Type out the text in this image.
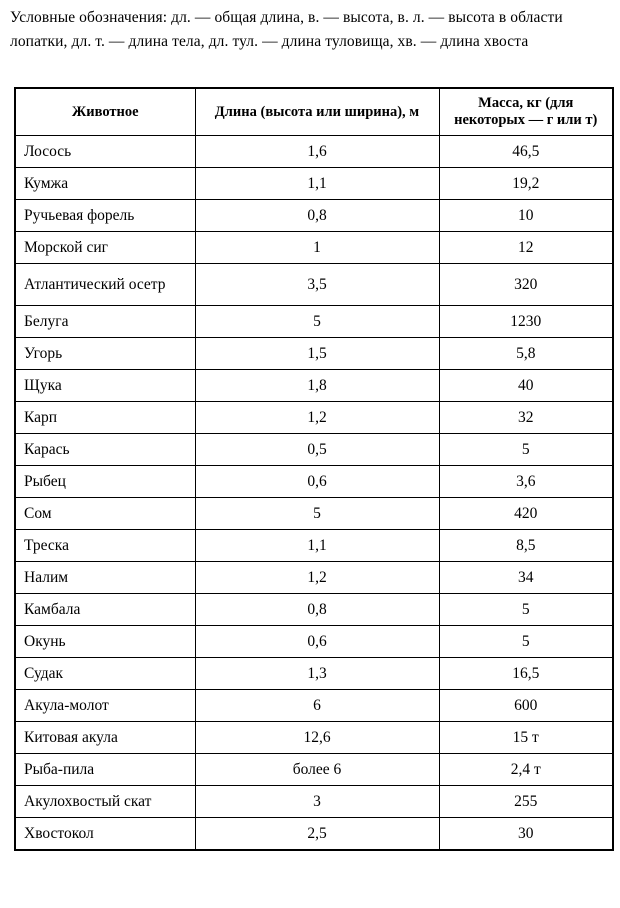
Условные обозначения: дл. — общая длина, в. — высота, в. л. — высота в области лопатки, дл. т. — длина тела, дл. тул. — длина туловища, хв. — длина хвоста
Животное	Длина (высота или ширина), м	Масса, кг (для некоторых — г или т)
Лосось	1,6	46,5
Кумжа	1,1	19,2
Ручьевая форель	0,8	10
Морской сиг	1	12
Атлантический осетр	3,5	320
Белуга	5	1230
Угорь	1,5	5,8
Щука	1,8	40
Карп	1,2	32
Карась	0,5	5
Рыбец	0,6	3,6
Сом	5	420
Треска	1,1	8,5
Налим	1,2	34
Камбала	0,8	5
Окунь	0,6	5
Судак	1,3	16,5
Акула-молот	6	600
Китовая акула	12,6	15 т
Рыба-пила	более 6	2,4 т
Акулохвостый скат	3	255
Хвостокол	2,5	30
